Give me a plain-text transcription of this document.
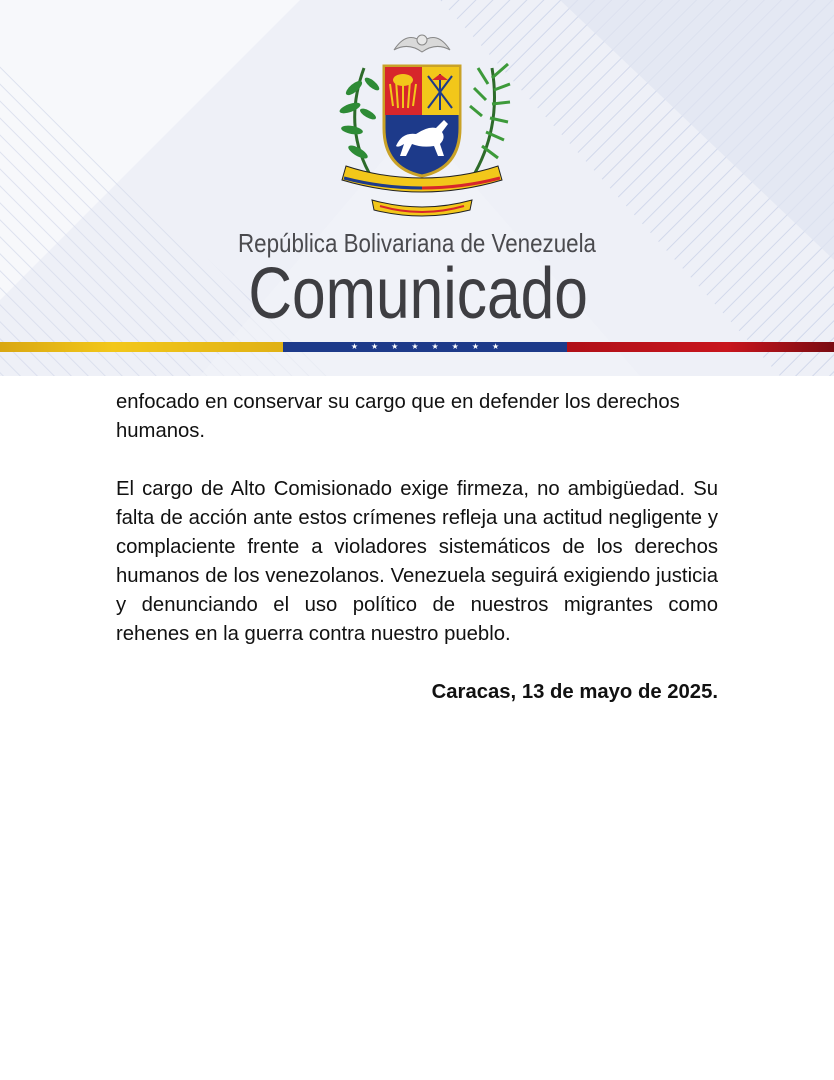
República Bolivariana de Venezuela
Comunicado
★ ★ ★ ★ ★ ★ ★ ★

enfocado en conservar su cargo que en defender los derechos humanos.

El cargo de Alto Comisionado exige firmeza, no ambigüedad. Su falta de acción ante estos crímenes refleja una actitud negligente y complaciente frente a violadores sistemáticos de los derechos humanos de los venezolanos. Venezuela seguirá exigiendo justicia y denunciando el uso político de nuestros migrantes como rehenes en la guerra contra nuestro pueblo.

Caracas, 13 de mayo de 2025.
